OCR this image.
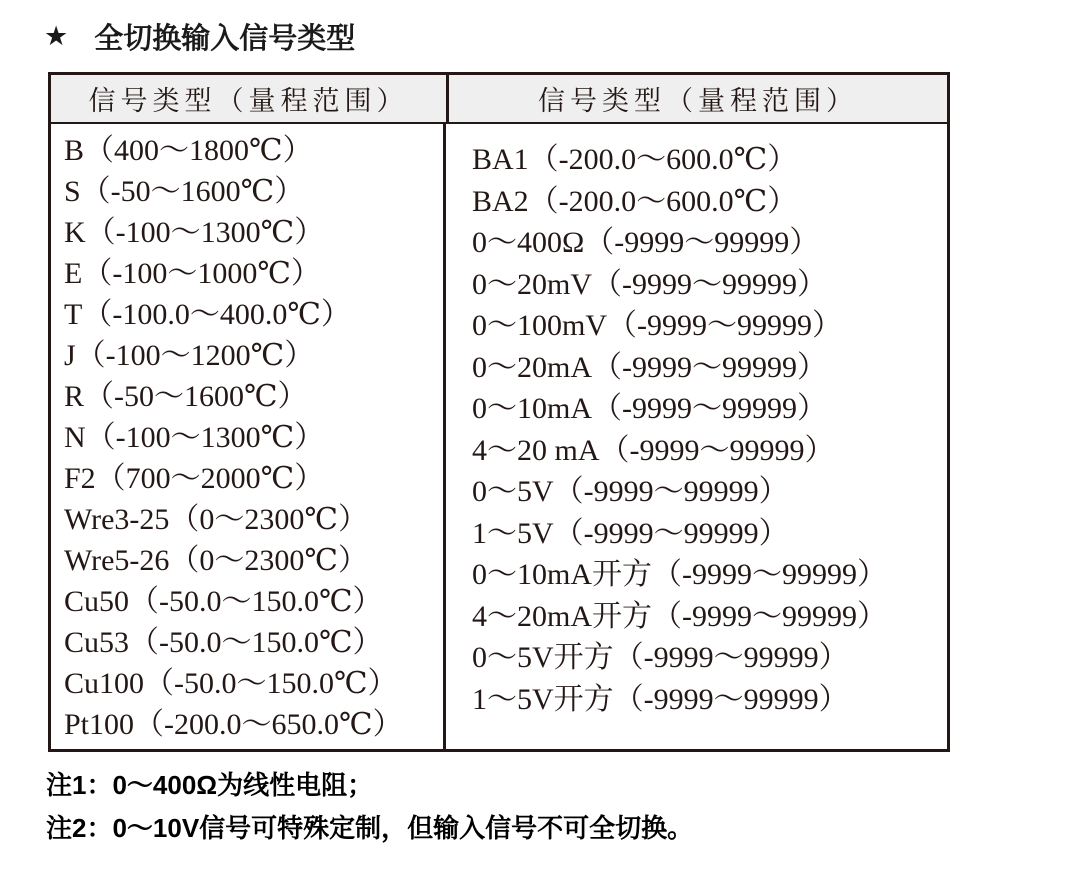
★ 全切换输入信号类型
信号类型（量程范围）	信号类型（量程范围）
B（400～1800℃）
S（-50～1600℃）
K（-100～1300℃）
E（-100～1000℃）
T（-100.0～400.0℃）
J（-100～1200℃）
R（-50～1600℃）
N（-100～1300℃）
F2（700～2000℃）
Wre3-25（0～2300℃）
Wre5-26（0～2300℃）
Cu50（-50.0～150.0℃）
Cu53（-50.0～150.0℃）
Cu100（-50.0～150.0℃）
Pt100（-200.0～650.0℃）
BA1（-200.0～600.0℃）
BA2（-200.0～600.0℃）
0～400Ω（-9999～99999）
0～20mV（-9999～99999）
0～100mV（-9999～99999）
0～20mA（-9999～99999）
0～10mA（-9999～99999）
4～20 mA（-9999～99999）
0～5V（-9999～99999）
1～5V（-9999～99999）
0～10mA开方（-9999～99999）
4～20mA开方（-9999～99999）
0～5V开方（-9999～99999）
1～5V开方（-9999～99999）
注1：0～400Ω为线性电阻；
注2：0～10V信号可特殊定制，但输入信号不可全切换。
